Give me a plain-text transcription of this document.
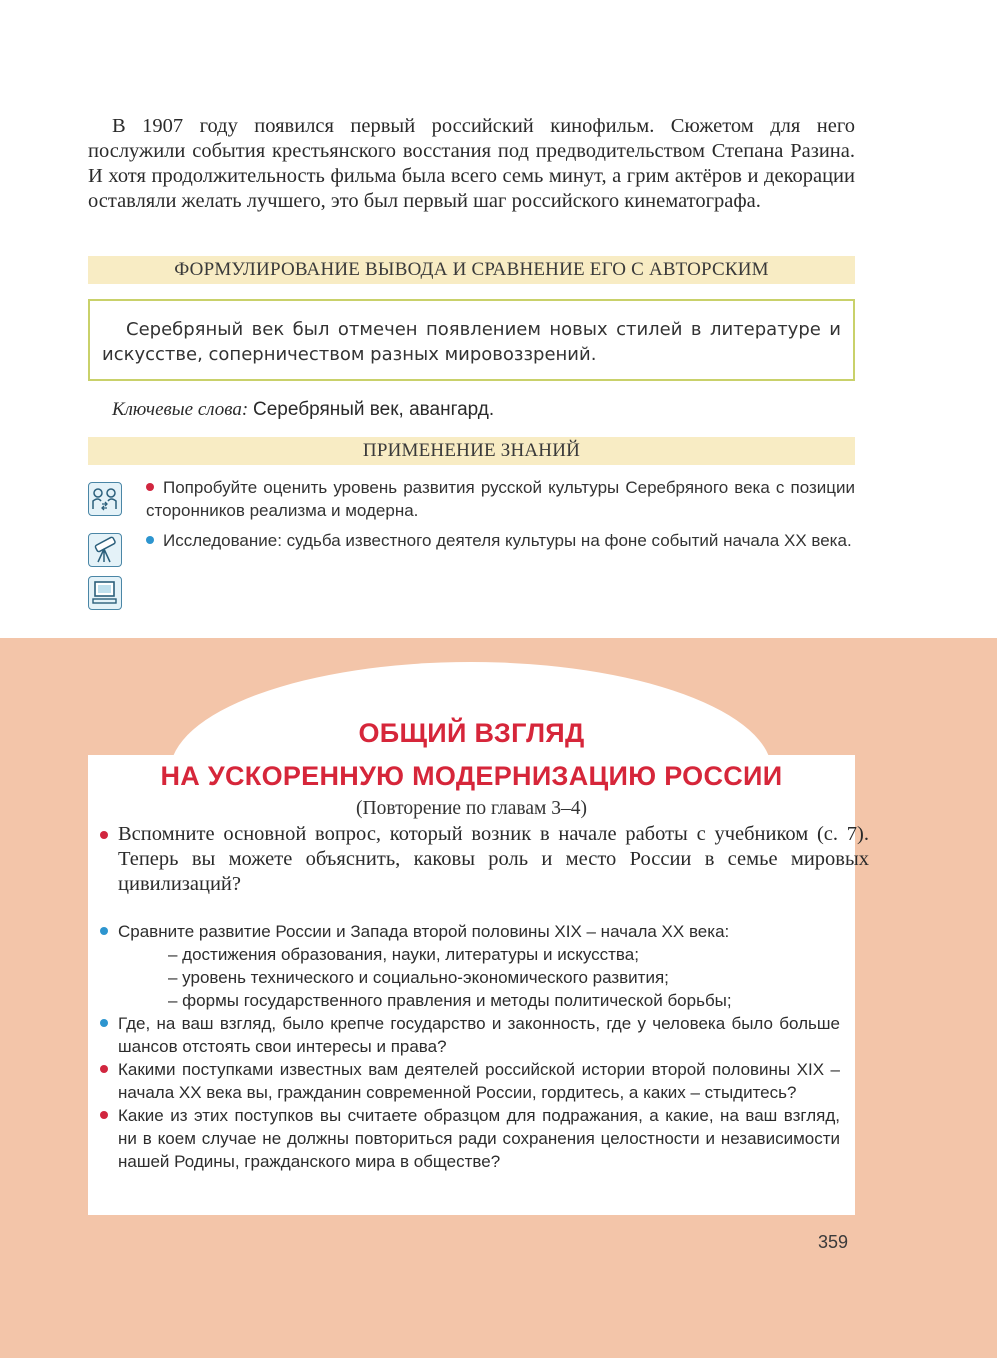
В 1907 году появился первый российский кинофильм. Сюжетом для него послужили события крестьянского восстания под предводительством Степана Разина. И хотя продолжительность фильма была всего семь минут, а грим актёров и декорации оставляли желать лучшего, это был первый шаг российского кинематографа.

ФОРМУЛИРОВАНИЕ ВЫВОДА И СРАВНЕНИЕ ЕГО С АВТОРСКИМ
Серебряный век был отмечен появлением новых стилей в литературе и искусстве, соперничеством разных мировоззрений.
Ключевые слова: Серебряный век, авангард.
ПРИМЕНЕНИЕ ЗНАНИЙ
Попробуйте оценить уровень развития русской культуры Серебряного века с позиции сторонников реализма и модерна.
Исследование: судьба известного деятеля культуры на фоне событий начала XX века.
ОБЩИЙ ВЗГЛЯД
НА УСКОРЕННУЮ МОДЕРНИЗАЦИЮ РОССИИ
(Повторение по главам 3–4)
Вспомните основной вопрос, который возник в начале работы с учебником (с. 7). Теперь вы можете объяснить, каковы роль и место России в семье мировых цивилизаций?
Сравните развитие России и Запада второй половины XIX – начала XX века:
– достижения образования, науки, литературы и искусства;
– уровень технического и социально-экономического развития;
– формы государственного правления и методы политической борьбы;
Где, на ваш взгляд, было крепче государство и законность, где у человека было больше шансов отстоять свои интересы и права?
Какими поступками известных вам деятелей российской истории второй половины XIX – начала XX века вы, гражданин современной России, гордитесь, а каких – стыдитесь?
Какие из этих поступков вы считаете образцом для подражания, а какие, на ваш взгляд, ни в коем случае не должны повториться ради сохранения целостности и независимости нашей Родины, гражданского мира в обществе?
359
